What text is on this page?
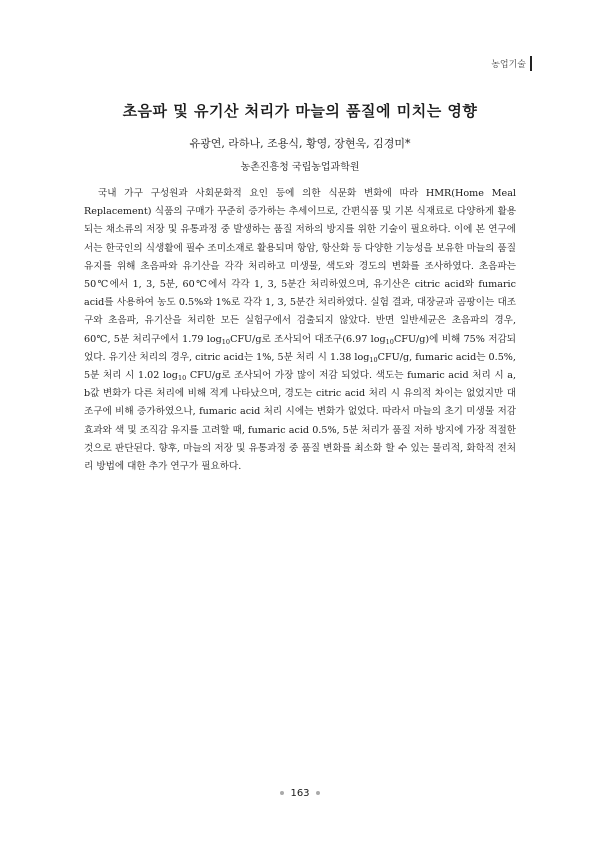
농업기술
초음파 및 유기산 처리가 마늘의 품질에 미치는 영향
유광연, 라하나, 조용식, 황영, 장현욱, 김경미*
농촌진흥청 국립농업과학원
국내 가구 구성원과 사회문화적 요인 등에 의한 식문화 변화에 따라 HMR(Home Meal Replacement) 식품의 구매가 꾸준히 증가하는 추세이므로, 간편식품 및 기본 식재료로 다양하게 활용되는 채소류의 저장 및 유통과정 중 발생하는 품질 저하의 방지를 위한 기술이 필요하다. 이에 본 연구에서는 한국인의 식생활에 필수 조미소재로 활용되며 항암, 항산화 등 다양한 기능성을 보유한 마늘의 품질 유지를 위해 초음파와 유기산을 각각 처리하고 미생물, 색도와 경도의 변화를 조사하였다. 초음파는 50℃에서 1, 3, 5분, 60℃에서 각각 1, 3, 5분간 처리하였으며, 유기산은 citric acid와 fumaric acid를 사용하여 농도 0.5%와 1%로 각각 1, 3, 5분간 처리하였다. 실험 결과, 대장균과 곰팡이는 대조구와 초음파, 유기산을 처리한 모든 실험구에서 검출되지 않았다. 반면 일반세균은 초음파의 경우, 60℃, 5분 처리구에서 1.79 $\log_{10}CFU/g$로 조사되어 대조구(6.97 $\log_{10}CFU/g$)에 비해 75% 저감되었다. 유기산 처리의 경우, citric acid는 1%, 5분 처리 시 1.38 $\log_{10}CFU/g$, fumaric acid는 0.5%, 5분 처리 시 1.02 $\log_{10} CFU/g$로 조사되어 가장 많이 저감 되었다. 색도는 fumaric acid 처리 시 a, b값 변화가 다른 처리에 비해 적게 나타났으며, 경도는 citric acid 처리 시 유의적 차이는 없었지만 대조구에 비해 증가하였으나, fumaric acid 처리 시에는 변화가 없었다. 따라서 마늘의 초기 미생물 저감 효과와 색 및 조직감 유지를 고려할 때, fumaric acid 0.5%, 5분 처리가 품질 저하 방지에 가장 적절한 것으로 판단된다. 향후, 마늘의 저장 및 유통과정 중 품질 변화를 최소화 할 수 있는 물리적, 화학적 전처리 방법에 대한 추가 연구가 필요하다.
163
